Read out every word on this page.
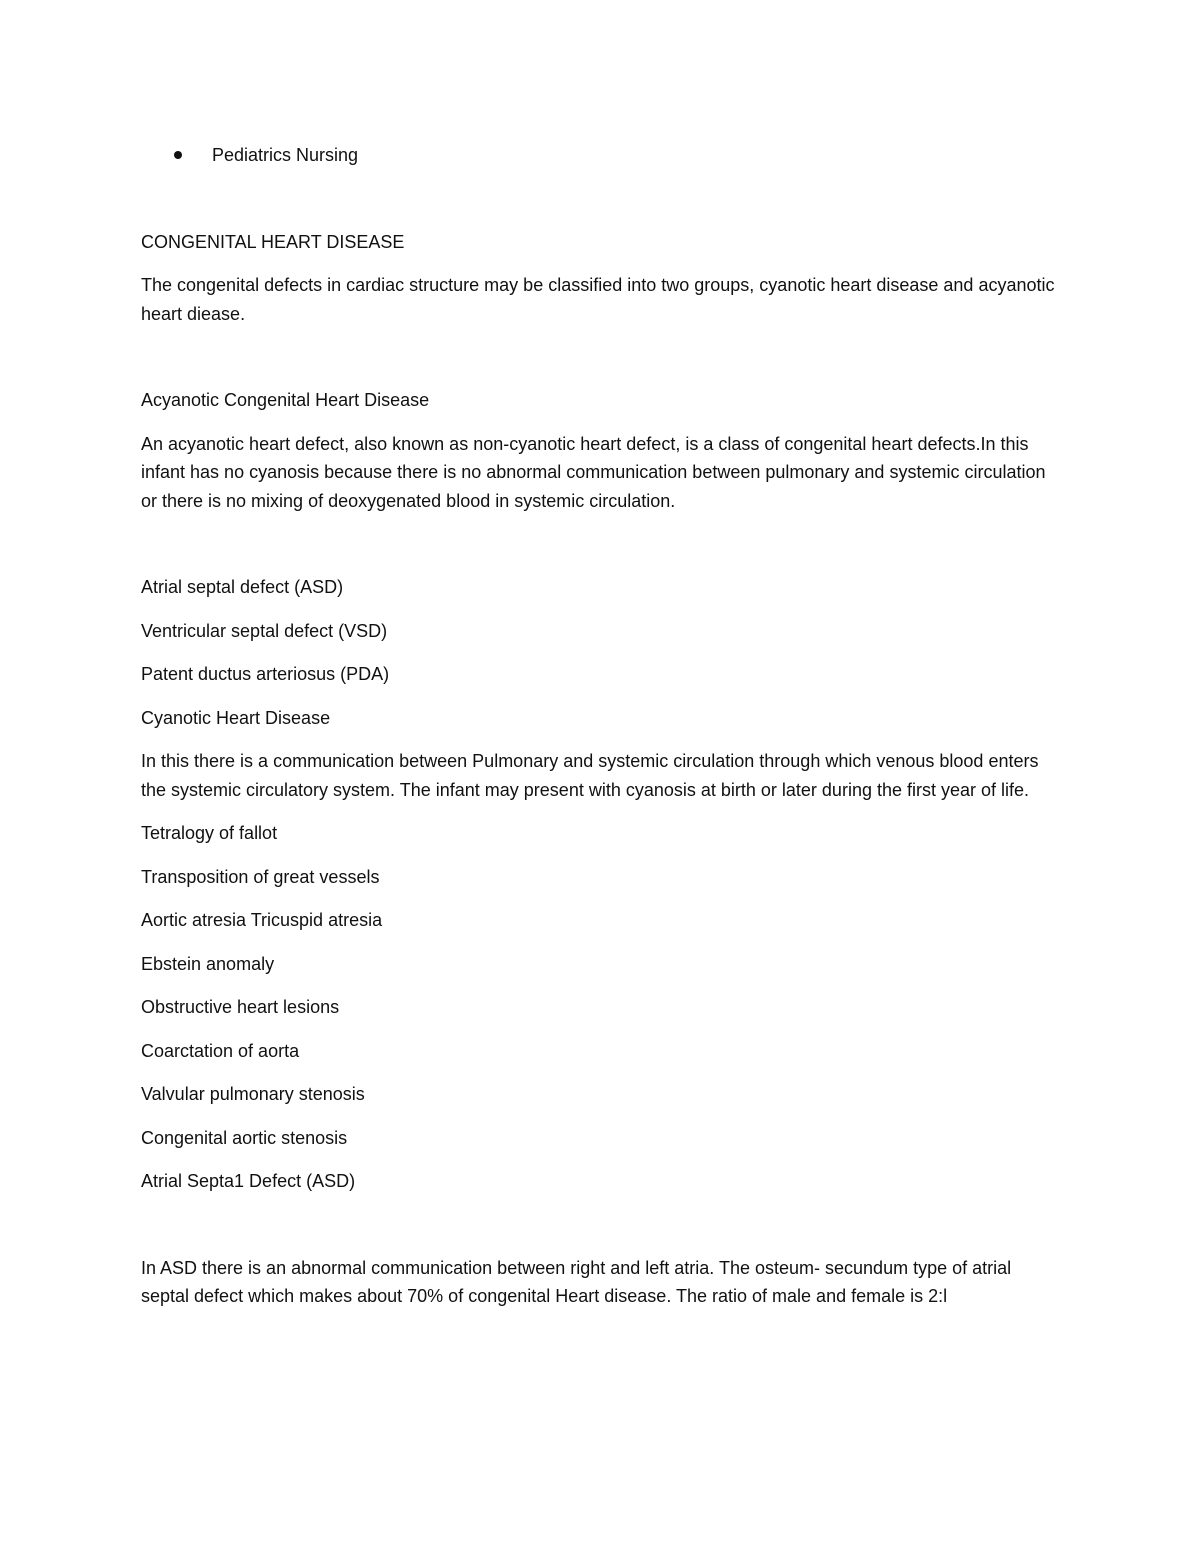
Pediatrics Nursing

CONGENITAL HEART DISEASE

The congenital defects in cardiac structure may be classified into two groups, cyanotic heart disease and acyanotic heart diease.

Acyanotic Congenital Heart Disease

An acyanotic heart defect, also known as non-cyanotic heart defect, is a class of congenital heart defects.In this infant has no cyanosis because there is no abnormal communication between pulmonary and systemic circulation or there is no mixing of deoxygenated blood in systemic circulation.

Atrial septal defect (ASD)

Ventricular septal defect (VSD)

Patent ductus arteriosus (PDA)

Cyanotic Heart Disease

In this there is a communication between Pulmonary and systemic circulation through which venous blood enters the systemic circulatory system. The infant may present with cyanosis at birth or later during the first year of life.

Tetralogy of fallot

Transposition of great vessels

Aortic atresia Tricuspid atresia

Ebstein anomaly

Obstructive heart lesions

Coarctation of aorta

Valvular pulmonary stenosis

Congenital aortic stenosis

Atrial Septa1 Defect (ASD)

In ASD there is an abnormal communication between right and left atria. The osteum- secundum type of atrial septal defect which makes about 70% of congenital Heart disease. The ratio of male and female is 2:l
